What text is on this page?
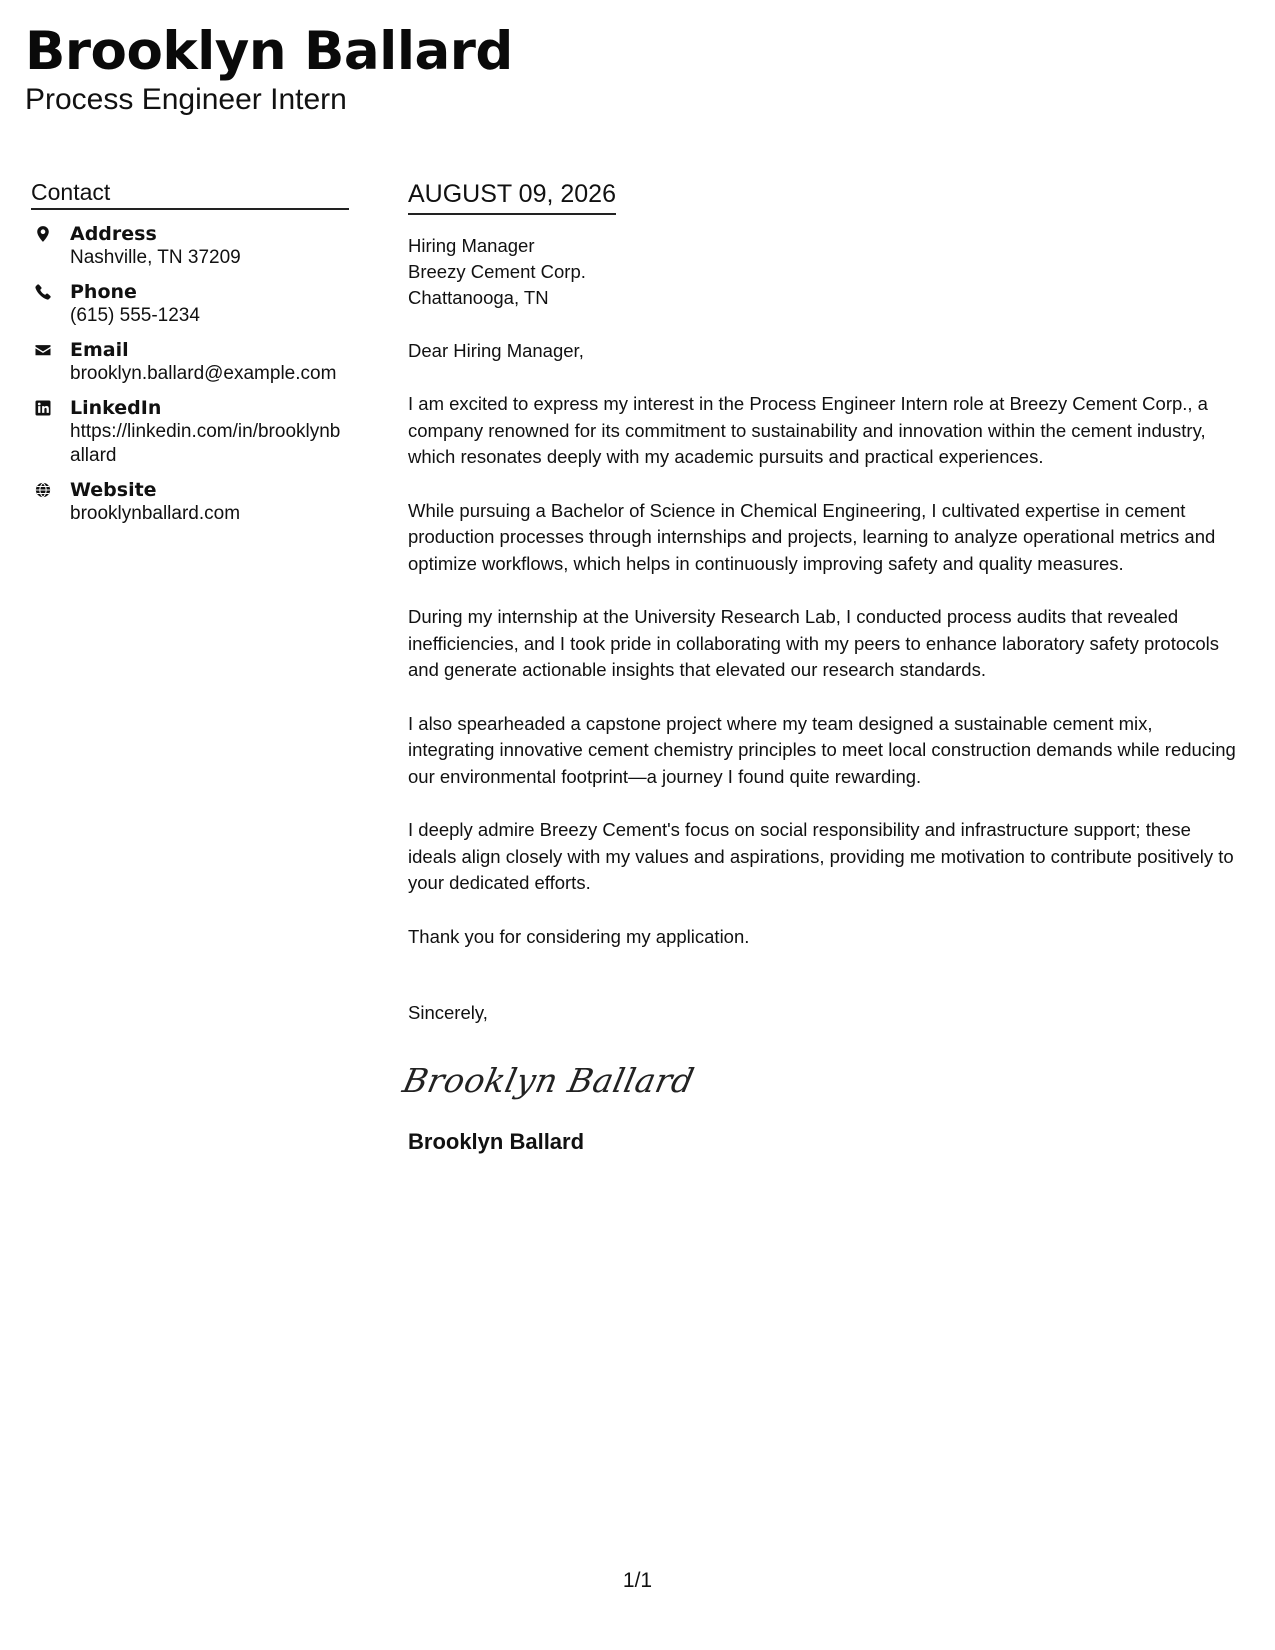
Brooklyn Ballard

Process Engineer Intern

Contact
Address
Nashville, TN 37209
Phone
(615) 555-1234
Email
brooklyn.ballard@example.com
LinkedIn
https://linkedin.com/in/brooklynballard
Website
brooklynballard.com
AUGUST 09, 2026
Hiring Manager
Breezy Cement Corp.
Chattanooga, TN

Dear Hiring Manager,

I am excited to express my interest in the Process Engineer Intern role at Breezy Cement Corp., a company renowned for its commitment to sustainability and innovation within the cement industry, which resonates deeply with my academic pursuits and practical experiences.

While pursuing a Bachelor of Science in Chemical Engineering, I cultivated expertise in cement production processes through internships and projects, learning to analyze operational metrics and optimize workflows, which helps in continuously improving safety and quality measures.

During my internship at the University Research Lab, I conducted process audits that revealed inefficiencies, and I took pride in collaborating with my peers to enhance laboratory safety protocols and generate actionable insights that elevated our research standards.

I also spearheaded a capstone project where my team designed a sustainable cement mix, integrating innovative cement chemistry principles to meet local construction demands while reducing our environmental footprint—a journey I found quite rewarding.

I deeply admire Breezy Cement's focus on social responsibility and infrastructure support; these ideals align closely with my values and aspirations, providing me motivation to contribute positively to your dedicated efforts.

Thank you for considering my application.

Sincerely,

Brooklyn Ballard

Brooklyn Ballard

1/1
